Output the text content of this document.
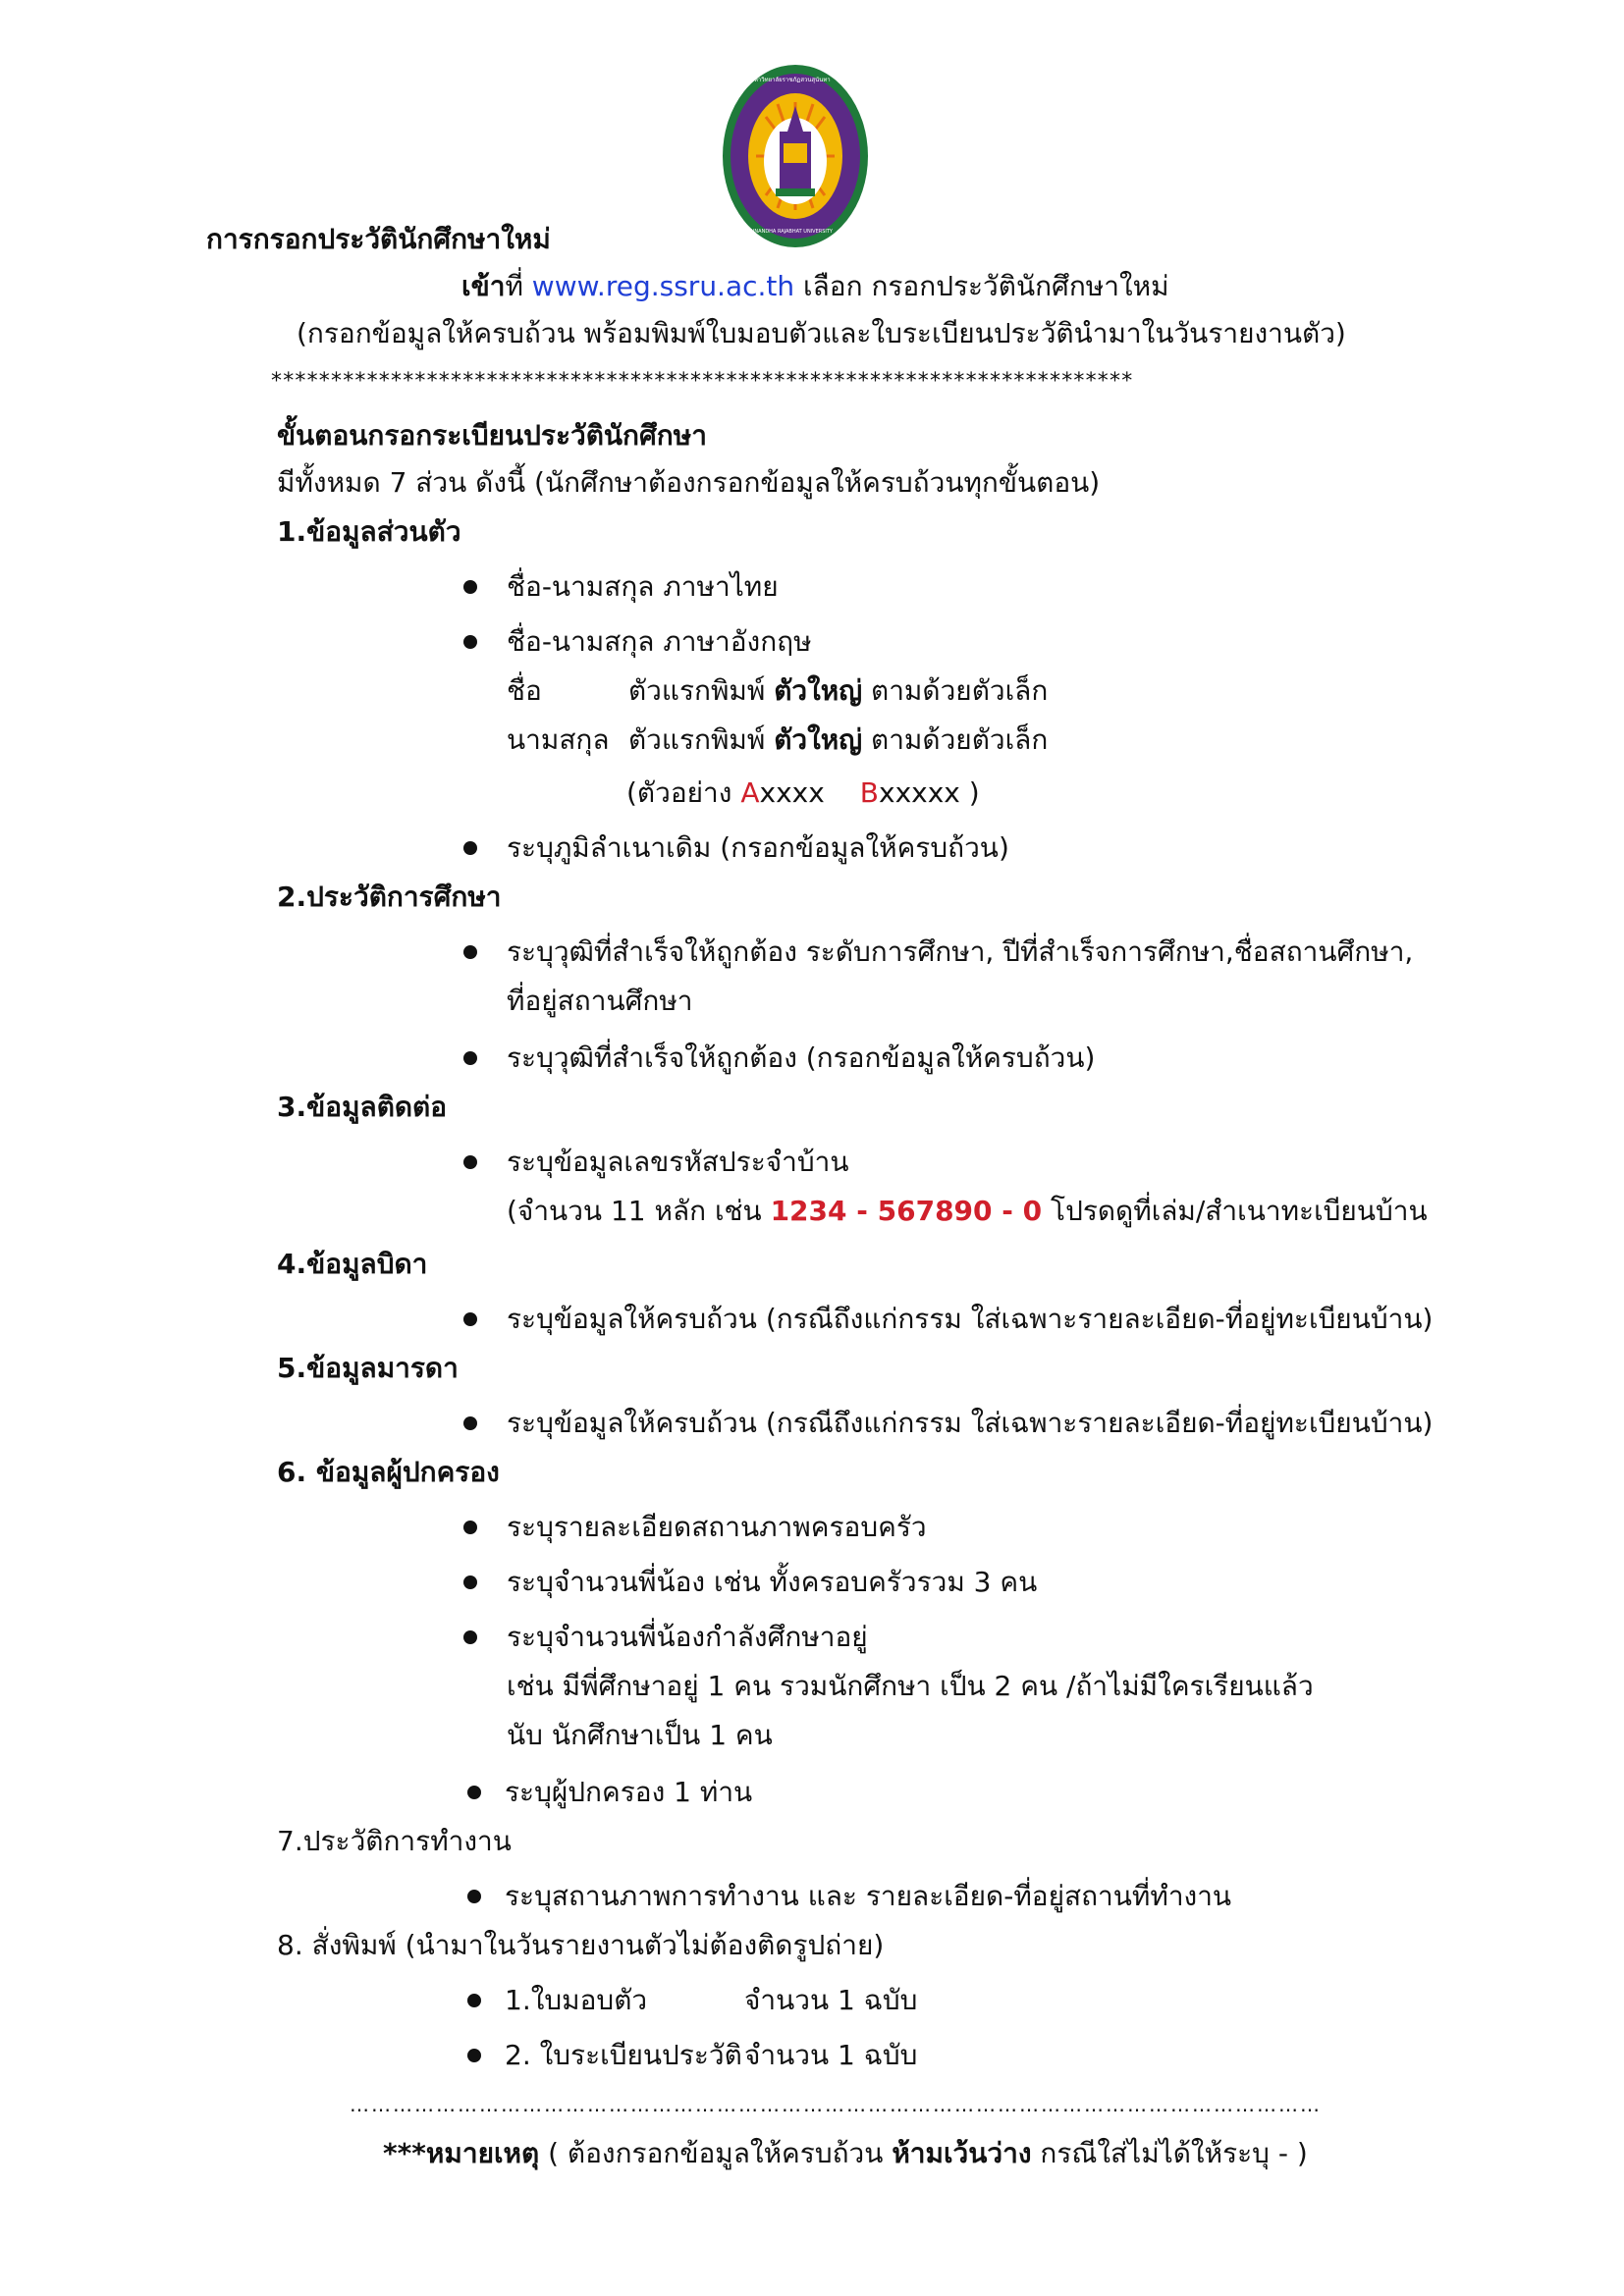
มหาวิทยาลัยราชภัฏสวนสุนันทา
SUAN SUNANDHA RAJABHAT UNIVERSITY
การกรอกประวัตินักศึกษาใหม่
เข้าที่ www.reg.ssru.ac.th เลือก กรอกประวัตินักศึกษาใหม่
(กรอกข้อมูลให้ครบถ้วน พร้อมพิมพ์ใบมอบตัวและใบระเบียนประวัตินำมาในวันรายงานตัว)
************************************************************************
ขั้นตอนกรอกระเบียนประวัตินักศึกษา
มีทั้งหมด 7 ส่วน ดังนี้ (นักศึกษาต้องกรอกข้อมูลให้ครบถ้วนทุกขั้นตอน)
1.ข้อมูลส่วนตัว
ชื่อ-นามสกุล ภาษาไทย
ชื่อ-นามสกุล ภาษาอังกฤษ
ชื่อ	ตัวแรกพิมพ์ ตัวใหญ่ ตามด้วยตัวเล็ก
นามสกุล ตัวแรกพิมพ์ ตัวใหญ่ ตามด้วยตัวเล็ก
(ตัวอย่าง Axxxx Bxxxxx )
ระบุภูมิลำเนาเดิม (กรอกข้อมูลให้ครบถ้วน)
2.ประวัติการศึกษา
ระบุวุฒิที่สำเร็จให้ถูกต้อง ระดับการศึกษา, ปีที่สำเร็จการศึกษา,ชื่อสถานศึกษา,
ที่อยู่สถานศึกษา
ระบุวุฒิที่สำเร็จให้ถูกต้อง (กรอกข้อมูลให้ครบถ้วน)
3.ข้อมูลติดต่อ
ระบุข้อมูลเลขรหัสประจำบ้าน
(จำนวน 11 หลัก เช่น 1234 - 567890 - 0 โปรดดูที่เล่ม/สำเนาทะเบียนบ้าน
4.ข้อมูลบิดา
ระบุข้อมูลให้ครบถ้วน (กรณีถึงแก่กรรม ใส่เฉพาะรายละเอียด-ที่อยู่ทะเบียนบ้าน)
5.ข้อมูลมารดา
ระบุข้อมูลให้ครบถ้วน (กรณีถึงแก่กรรม ใส่เฉพาะรายละเอียด-ที่อยู่ทะเบียนบ้าน)
6. ข้อมูลผู้ปกครอง
ระบุรายละเอียดสถานภาพครอบครัว
ระบุจำนวนพี่น้อง เช่น ทั้งครอบครัวรวม 3 คน
ระบุจำนวนพี่น้องกำลังศึกษาอยู่
เช่น มีพี่ศึกษาอยู่ 1 คน รวมนักศึกษา เป็น 2 คน /ถ้าไม่มีใครเรียนแล้ว
นับ นักศึกษาเป็น 1 คน
ระบุผู้ปกครอง 1 ท่าน
7.ประวัติการทำงาน
ระบุสถานภาพการทำงาน และ รายละเอียด-ที่อยู่สถานที่ทำงาน
8. สั่งพิมพ์ (นำมาในวันรายงานตัวไม่ต้องติดรูปถ่าย)
1.ใบมอบตัว	จำนวน 1 ฉบับ
2. ใบระเบียนประวัติจำนวน 1 ฉบับ
………………………………………………………………………………………………………………………
***หมายเหตุ ( ต้องกรอกข้อมูลให้ครบถ้วน ห้ามเว้นว่าง กรณีใส่ไม่ได้ให้ระบุ - )
